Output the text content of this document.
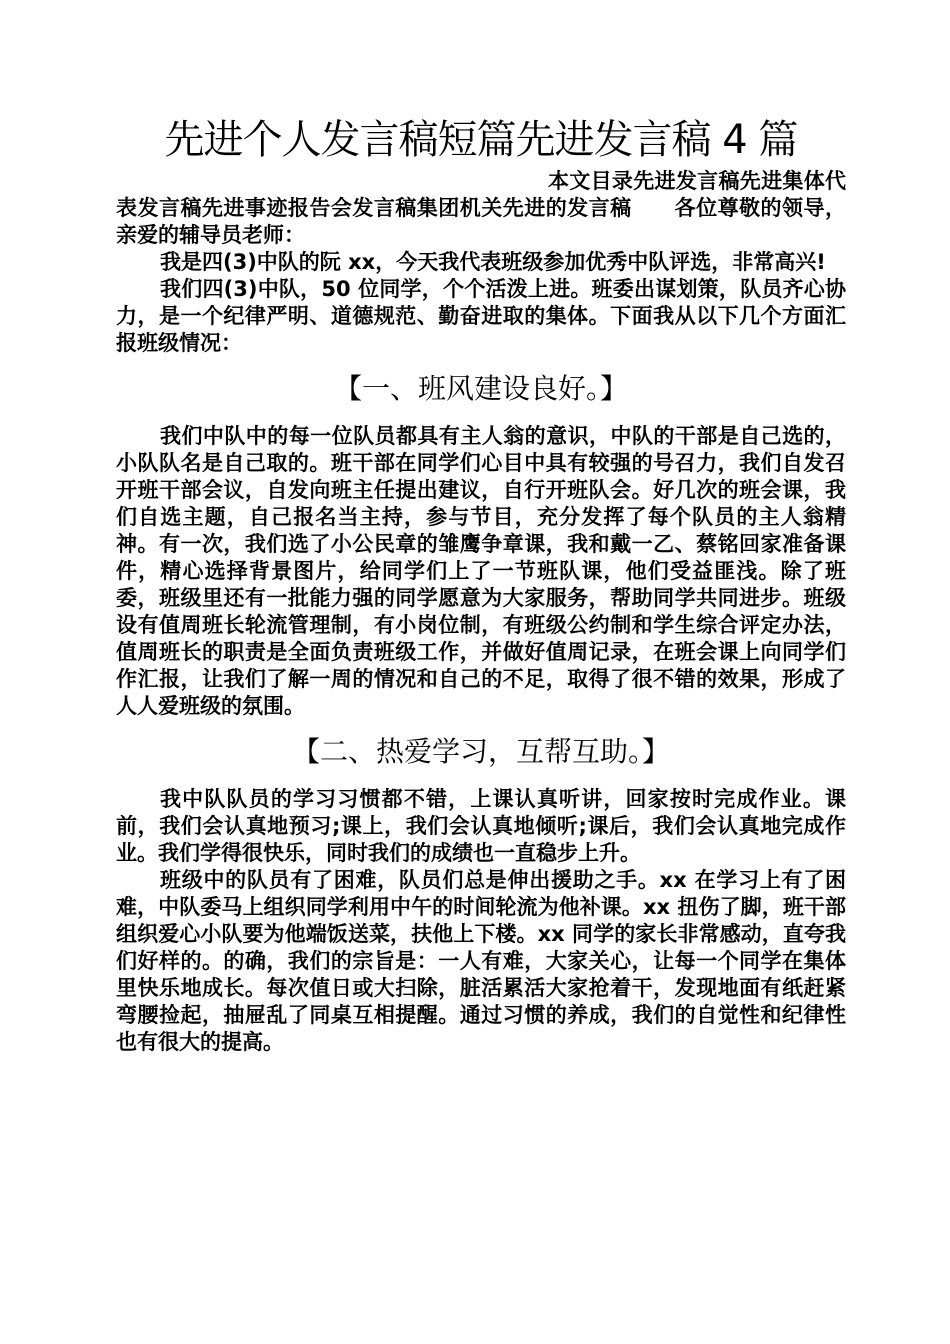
先进个人发言稿短篇先进发言稿 4 篇

本文目录先进发言稿先进集体代表发言稿先进事迹报告会发言稿集团机关先进的发言稿　　各位尊敬的领导，亲爱的辅导员老师：

我是四(3)中队的阮 xx，今天我代表班级参加优秀中队评选，非常高兴!

我们四(3)中队，50 位同学，个个活泼上进。班委出谋划策，队员齐心协力，是一个纪律严明、道德规范、勤奋进取的集体。下面我从以下几个方面汇报班级情况：

【一、班风建设良好。】

我们中队中的每一位队员都具有主人翁的意识，中队的干部是自己选的，小队队名是自己取的。班干部在同学们心目中具有较强的号召力，我们自发召开班干部会议，自发向班主任提出建议，自行开班队会。好几次的班会课，我们自选主题，自己报名当主持，参与节目，充分发挥了每个队员的主人翁精神。有一次，我们选了小公民章的雏鹰争章课，我和戴一乙、蔡铭回家准备课件，精心选择背景图片，给同学们上了一节班队课，他们受益匪浅。除了班委，班级里还有一批能力强的同学愿意为大家服务，帮助同学共同进步。班级设有值周班长轮流管理制，有小岗位制，有班级公约制和学生综合评定办法，值周班长的职责是全面负责班级工作，并做好值周记录，在班会课上向同学们作汇报，让我们了解一周的情况和自己的不足，取得了很不错的效果，形成了人人爱班级的氛围。

【二、热爱学习，互帮互助。】

我中队队员的学习习惯都不错，上课认真听讲，回家按时完成作业。课前，我们会认真地预习;课上，我们会认真地倾听;课后，我们会认真地完成作业。我们学得很快乐，同时我们的成绩也一直稳步上升。

班级中的队员有了困难，队员们总是伸出援助之手。xx 在学习上有了困难，中队委马上组织同学利用中午的时间轮流为他补课。xx 扭伤了脚，班干部组织爱心小队要为他端饭送菜，扶他上下楼。xx 同学的家长非常感动，直夸我们好样的。的确，我们的宗旨是：一人有难，大家关心，让每一个同学在集体里快乐地成长。每次值日或大扫除，脏活累活大家抢着干，发现地面有纸赶紧弯腰捡起，抽屉乱了同桌互相提醒。通过习惯的养成，我们的自觉性和纪律性也有很大的提高。
